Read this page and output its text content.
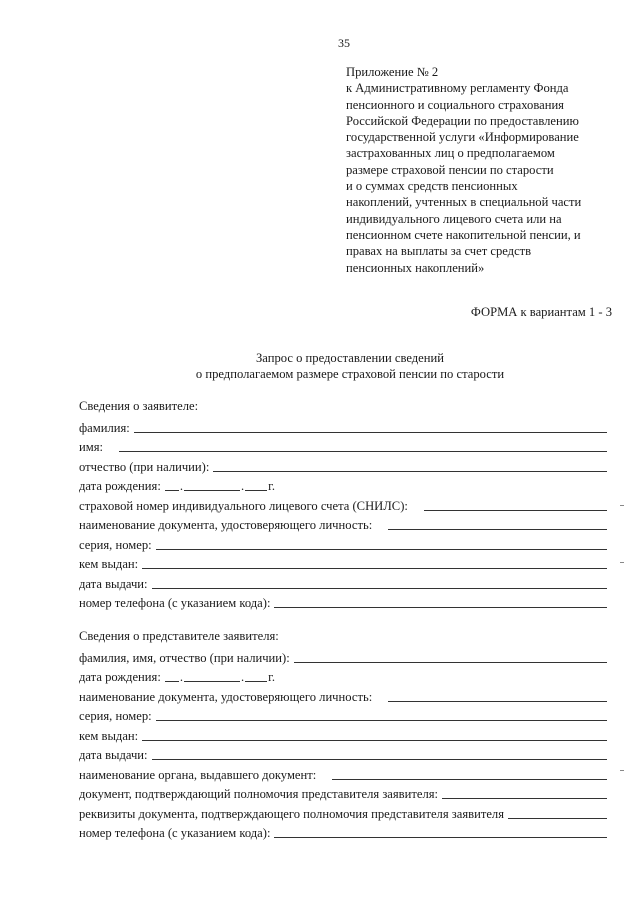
35
Приложение № 2
к Административному регламенту Фонда
пенсионного и социального страхования
Российской Федерации по предоставлению
государственной услуги «Информирование
застрахованных лиц о предполагаемом
размере страховой пенсии по старости
и о суммах средств пенсионных
накоплений, учтенных в специальной части
индивидуального лицевого счета или на
пенсионном счете накопительной пенсии, и
правах на выплаты за счет средств
пенсионных накоплений»
ФОРМА к вариантам 1 - 3
Запрос о предоставлении сведений
о предполагаемом размере страховой пенсии по старости
Сведения о заявителе:
фамилия:
имя:
отчество (при наличии):
дата рождения:	.	. г.
страховой номер индивидуального лицевого счета (СНИЛС):
наименование документа, удостоверяющего личность:
серия, номер:
кем выдан:
дата выдачи:
номер телефона (с указанием кода):
Сведения о представителе заявителя:
фамилия, имя, отчество (при наличии):
дата рождения:	.	. г.
наименование документа, удостоверяющего личность:
серия, номер:
кем выдан:
дата выдачи:
наименование органа, выдавшего документ:
документ, подтверждающий полномочия представителя заявителя:
реквизиты документа, подтверждающего полномочия представителя заявителя
номер телефона (с указанием кода):
